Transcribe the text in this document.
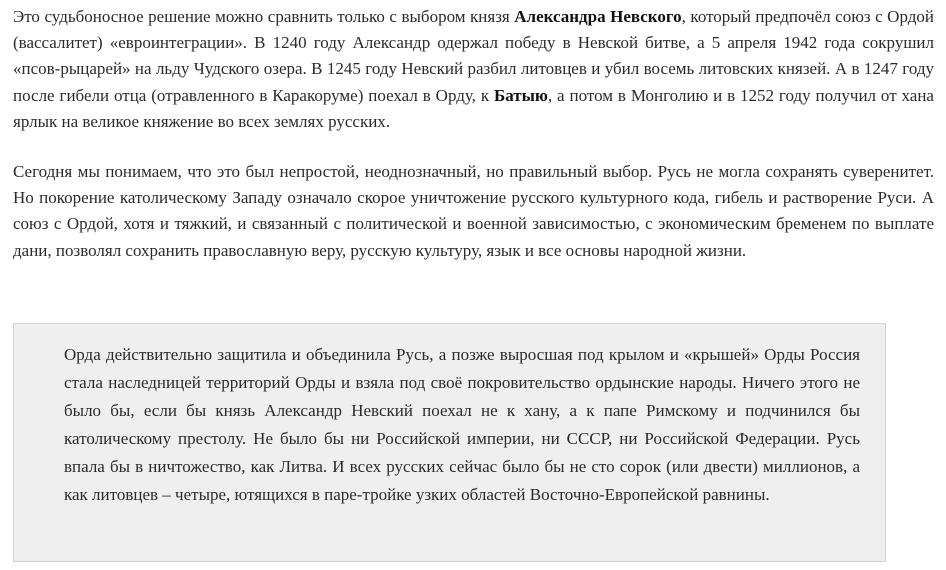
Это судьбоносное решение можно сравнить только с выбором князя Александра Невского, который предпочёл союз с Ордой (вассалитет) «евроинтеграции». В 1240 году Александр одержал победу в Невской битве, а 5 апреля 1942 года сокрушил «псов-рыцарей» на льду Чудского озера. В 1245 году Невский разбил литовцев и убил восемь литовских князей. А в 1247 году после гибели отца (отравленного в Каракоруме) поехал в Орду, к Батыю, а потом в Монголию и в 1252 году получил от хана ярлык на великое княжение во всех землях русских.

Сегодня мы понимаем, что это был непростой, неоднозначный, но правильный выбор. Русь не могла сохранять суверенитет. Но покорение католическому Западу означало скорое уничтожение русского культурного кода, гибель и растворение Руси. А союз с Ордой, хотя и тяжкий, и связанный с политической и военной зависимостью, с экономическим бременем по выплате дани, позволял сохранить православную веру, русскую культуру, язык и все основы народной жизни.

Орда действительно защитила и объединила Русь, а позже выросшая под крылом и «крышей» Орды Россия стала наследницей территорий Орды и взяла под своё покровительство ордынские народы. Ничего этого не было бы, если бы князь Александр Невский поехал не к хану, а к папе Римскому и подчинился бы католическому престолу. Не было бы ни Российской империи, ни СССР, ни Российской Федерации. Русь впала бы в ничтожество, как Литва. И всех русских сейчас было бы не сто сорок (или двести) миллионов, а как литовцев – четыре, ютящихся в паре-тройке узких областей Восточно-Европейской равнины.
